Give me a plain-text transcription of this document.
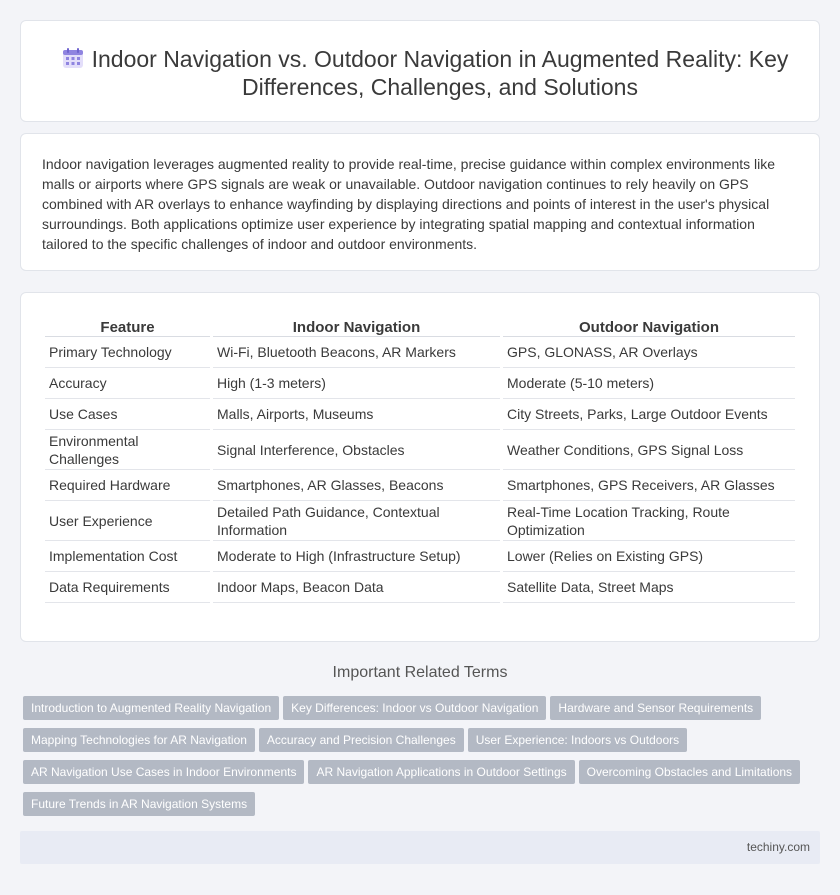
Indoor Navigation vs. Outdoor Navigation in Augmented Reality: Key Differences, Challenges, and Solutions

Indoor navigation leverages augmented reality to provide real-time, precise guidance within complex environments like malls or airports where GPS signals are weak or unavailable. Outdoor navigation continues to rely heavily on GPS combined with AR overlays to enhance wayfinding by displaying directions and points of interest in the user's physical surroundings. Both applications optimize user experience by integrating spatial mapping and contextual information tailored to the specific challenges of indoor and outdoor environments.

Feature	Indoor Navigation	Outdoor Navigation
Primary Technology	Wi-Fi, Bluetooth Beacons, AR Markers	GPS, GLONASS, AR Overlays
Accuracy	High (1-3 meters)	Moderate (5-10 meters)
Use Cases	Malls, Airports, Museums	City Streets, Parks, Large Outdoor Events
Environmental Challenges	Signal Interference, Obstacles	Weather Conditions, GPS Signal Loss
Required Hardware	Smartphones, AR Glasses, Beacons	Smartphones, GPS Receivers, AR Glasses
User Experience	Detailed Path Guidance, Contextual Information	Real-Time Location Tracking, Route Optimization
Implementation Cost	Moderate to High (Infrastructure Setup)	Lower (Relies on Existing GPS)
Data Requirements	Indoor Maps, Beacon Data	Satellite Data, Street Maps
Important Related Terms
Introduction to Augmented Reality Navigation Key Differences: Indoor vs Outdoor Navigation Hardware and Sensor Requirements
Mapping Technologies for AR Navigation Accuracy and Precision Challenges User Experience: Indoors vs Outdoors
AR Navigation Use Cases in Indoor Environments AR Navigation Applications in Outdoor Settings Overcoming Obstacles and Limitations
Future Trends in AR Navigation Systems
techiny.com
